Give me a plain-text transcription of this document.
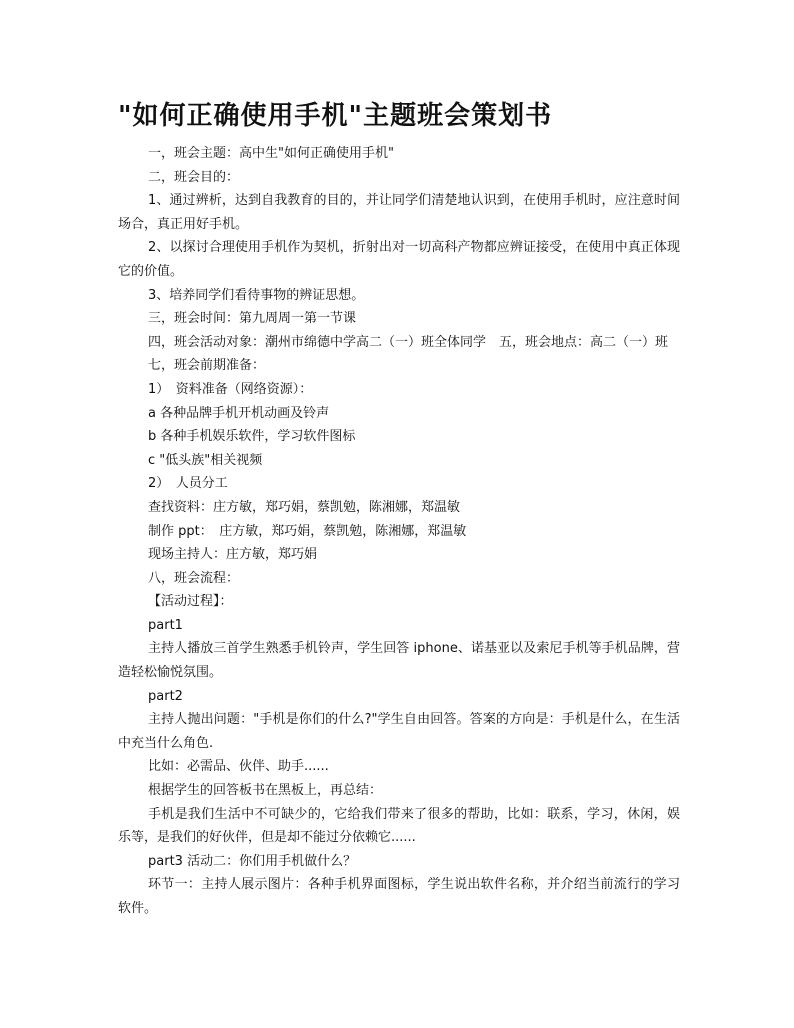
"如何正确使用手机"主题班会策划书

一，班会主题：高中生"如何正确使用手机"

二，班会目的：

1、通过辨析，达到自我教育的目的，并让同学们清楚地认识到，在使用手机时，应注意时间场合，真正用好手机。

2、以探讨合理使用手机作为契机，折射出对一切高科产物都应辨证接受，在使用中真正体现它的价值。

3、培养同学们看待事物的辨证思想。

三，班会时间：第九周周一第一节课

四，班会活动对象：潮州市绵德中学高二（一）班全体同学　五，班会地点：高二（一）班

七，班会前期准备：

1）　资料准备（网络资源）：

a 各种品牌手机开机动画及铃声

b 各种手机娱乐软件，学习软件图标

c "低头族"相关视频

2）　人员分工

查找资料：庄方敏，郑巧娟，蔡凯勉，陈湘娜，郑温敏

制作 ppt：　庄方敏，郑巧娟，蔡凯勉，陈湘娜，郑温敏

现场主持人：庄方敏，郑巧娟

八，班会流程：

【活动过程】：

part1

主持人播放三首学生熟悉手机铃声，学生回答 iphone、诺基亚以及索尼手机等手机品牌，营造轻松愉悦氛围。

part2

主持人抛出问题："手机是你们的什么?"学生自由回答。答案的方向是：手机是什么，在生活中充当什么角色.

比如：必需品、伙伴、助手......

根据学生的回答板书在黑板上，再总结：

手机是我们生活中不可缺少的，它给我们带来了很多的帮助，比如：联系，学习，休闲，娱乐等，是我们的好伙伴，但是却不能过分依赖它......

part3 活动二：你们用手机做什么？

环节一：主持人展示图片：各种手机界面图标，学生说出软件名称，并介绍当前流行的学习软件。
